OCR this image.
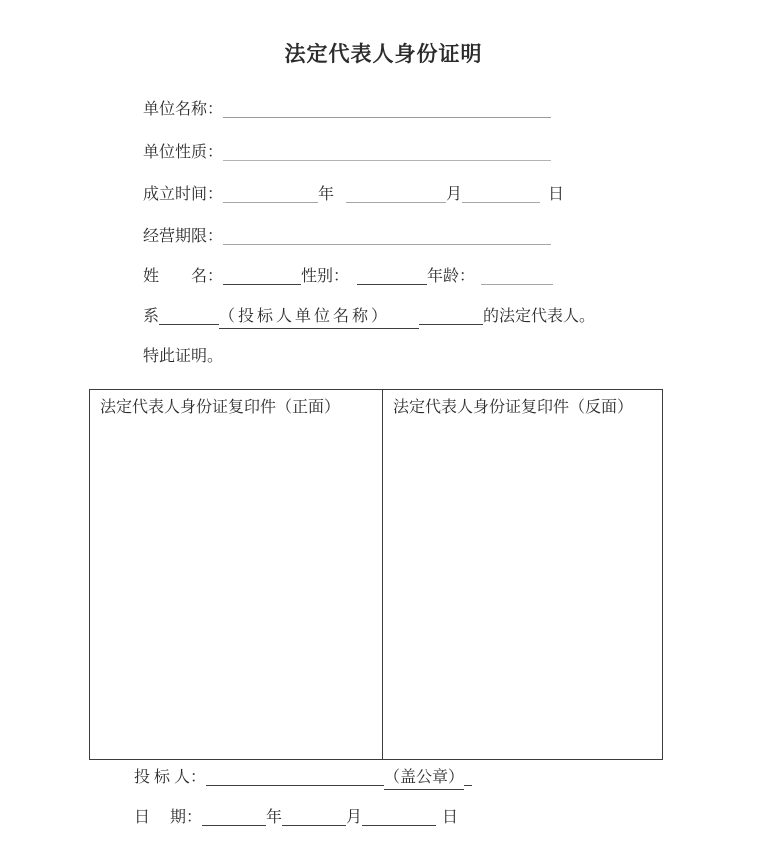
法定代表人身份证明
单位名称：
单位性质：
成立时间：	年	月	日
经营期限：
姓　　名：	性别：	年龄：
系	（投标人单位名称）	的法定代表人。
特此证明。
法定代表人身份证复印件（正面）	法定代表人身份证复印件（反面）
投 标 人：	（盖公章）
日　 期：	年	月	日
